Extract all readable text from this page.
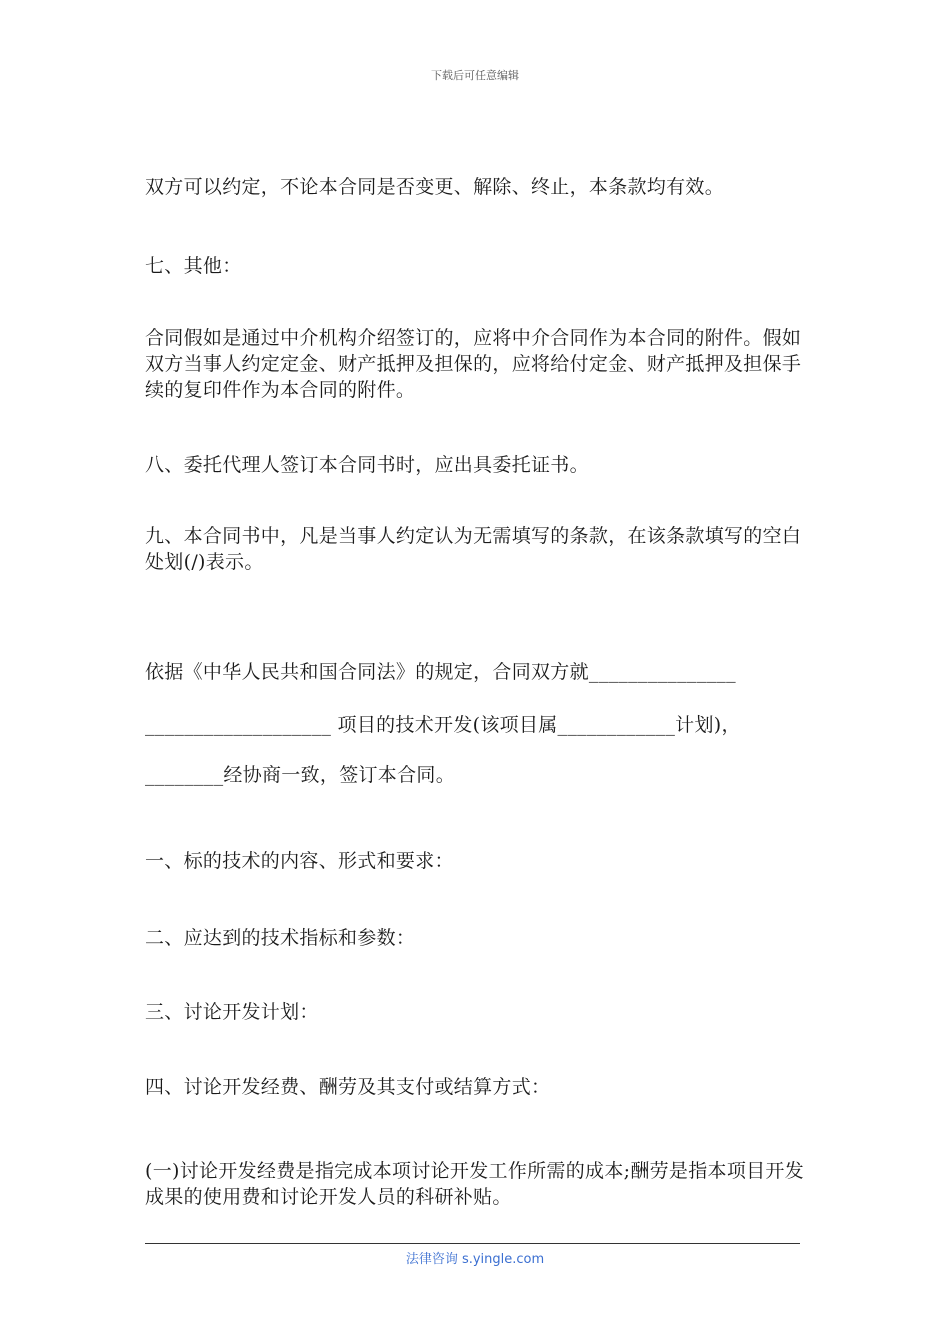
下载后可任意编辑

双方可以约定，不论本合同是否变更、解除、终止，本条款均有效。

七、其他：

合同假如是通过中介机构介绍签订的，应将中介合同作为本合同的附件。假如双方当事人约定定金、财产抵押及担保的，应将给付定金、财产抵押及担保手续的复印件作为本合同的附件。

八、委托代理人签订本合同书时，应出具委托证书。

九、本合同书中，凡是当事人约定认为无需填写的条款，在该条款填写的空白处划(/)表示。

依据《中华人民共和国合同法》的规定，合同双方就_______________

___________________ 项目的技术开发(该项目属____________计划)，

________经协商一致，签订本合同。

一、标的技术的内容、形式和要求：

二、应达到的技术指标和参数：

三、讨论开发计划：

四、讨论开发经费、酬劳及其支付或结算方式：

(一)讨论开发经费是指完成本项讨论开发工作所需的成本;酬劳是指本项目开发成果的使用费和讨论开发人员的科研补贴。

法律咨询 s.yingle.com
